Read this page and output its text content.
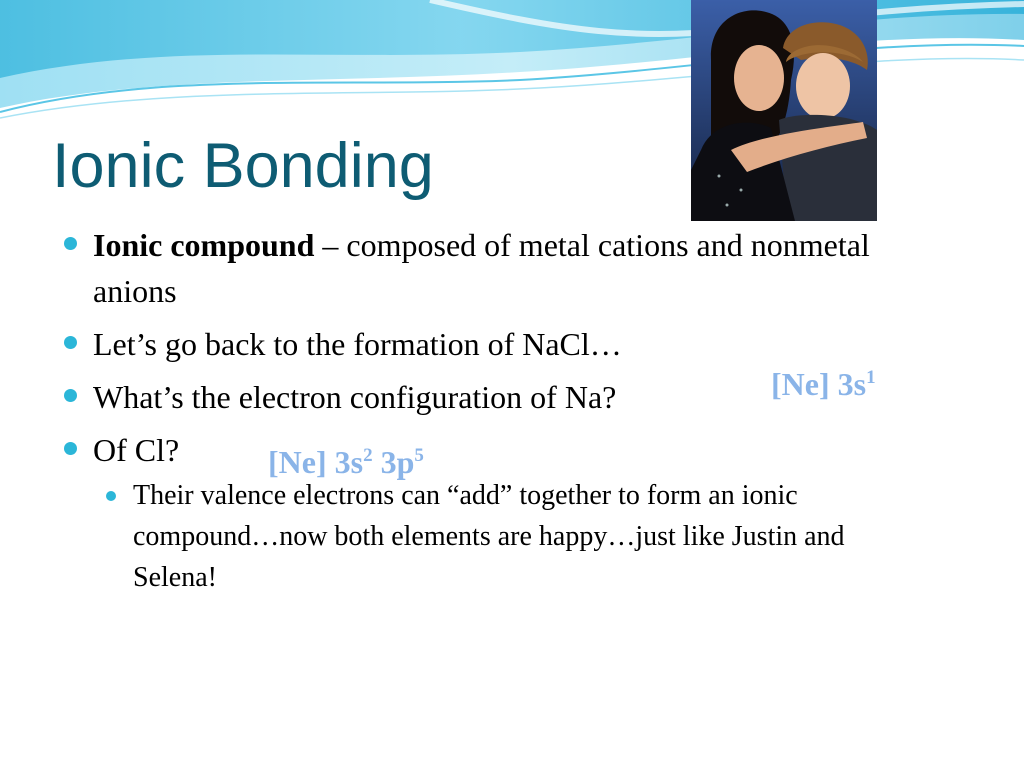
Ionic Bonding
Ionic compound – composed of metal cations and nonmetal anions
Let’s go back to the formation of NaCl…
What’s the electron configuration of Na?
Of Cl?
Their valence electrons can “add” together to form an ionic compound…now both elements are happy…just like Justin and Selena!
[Ne] $3s^1$
[Ne] $3s^2$ $3p^5$
